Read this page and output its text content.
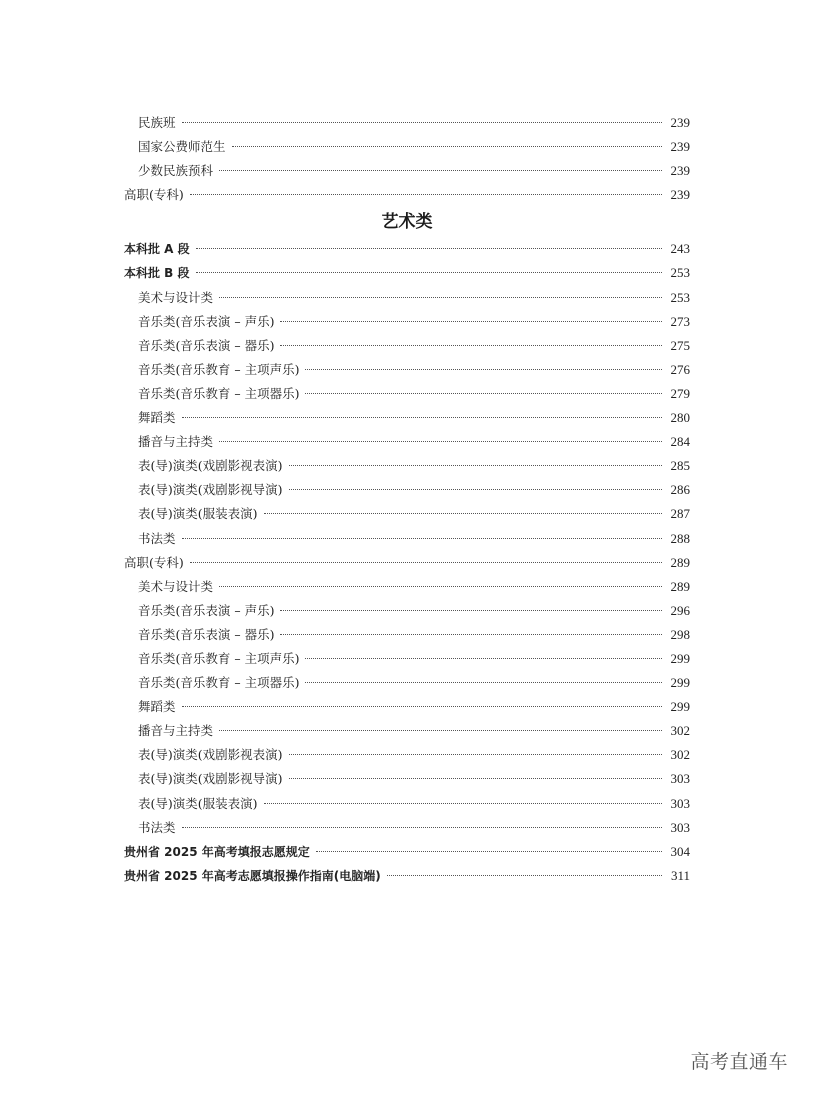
民族班	239
国家公费师范生	239
少数民族预科	239
高职(专科)	239
艺术类
本科批 A 段	243
本科批 B 段	253
美术与设计类	253
音乐类(音乐表演 – 声乐)	273
音乐类(音乐表演 – 器乐)	275
音乐类(音乐教育 – 主项声乐)	276
音乐类(音乐教育 – 主项器乐)	279
舞蹈类	280
播音与主持类	284
表(导)演类(戏剧影视表演)	285
表(导)演类(戏剧影视导演)	286
表(导)演类(服装表演)	287
书法类	288
高职(专科)	289
美术与设计类	289
音乐类(音乐表演 – 声乐)	296
音乐类(音乐表演 – 器乐)	298
音乐类(音乐教育 – 主项声乐)	299
音乐类(音乐教育 – 主项器乐)	299
舞蹈类	299
播音与主持类	302
表(导)演类(戏剧影视表演)	302
表(导)演类(戏剧影视导演)	303
表(导)演类(服装表演)	303
书法类	303
贵州省 2025 年高考填报志愿规定	304
贵州省 2025 年高考志愿填报操作指南(电脑端)	311
高考直通车
